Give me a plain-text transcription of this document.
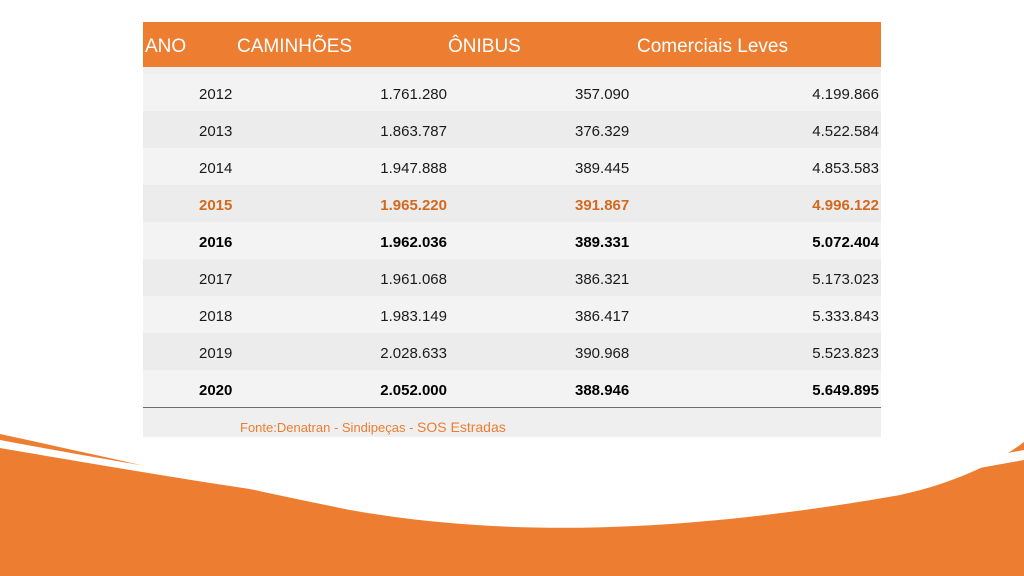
ANO	CAMINHÕES	ÔNIBUS	Comerciais Leves
2012	1.761.280	357.090	4.199.866
2013	1.863.787	376.329	4.522.584
2014	1.947.888	389.445	4.853.583
2015	1.965.220	391.867	4.996.122
2016	1.962.036	389.331	5.072.404
2017	1.961.068	386.321	5.173.023
2018	1.983.149	386.417	5.333.843
2019	2.028.633	390.968	5.523.823
2020	2.052.000	388.946	5.649.895
Fonte:Denatran - Sindipeças - SOS Estradas
